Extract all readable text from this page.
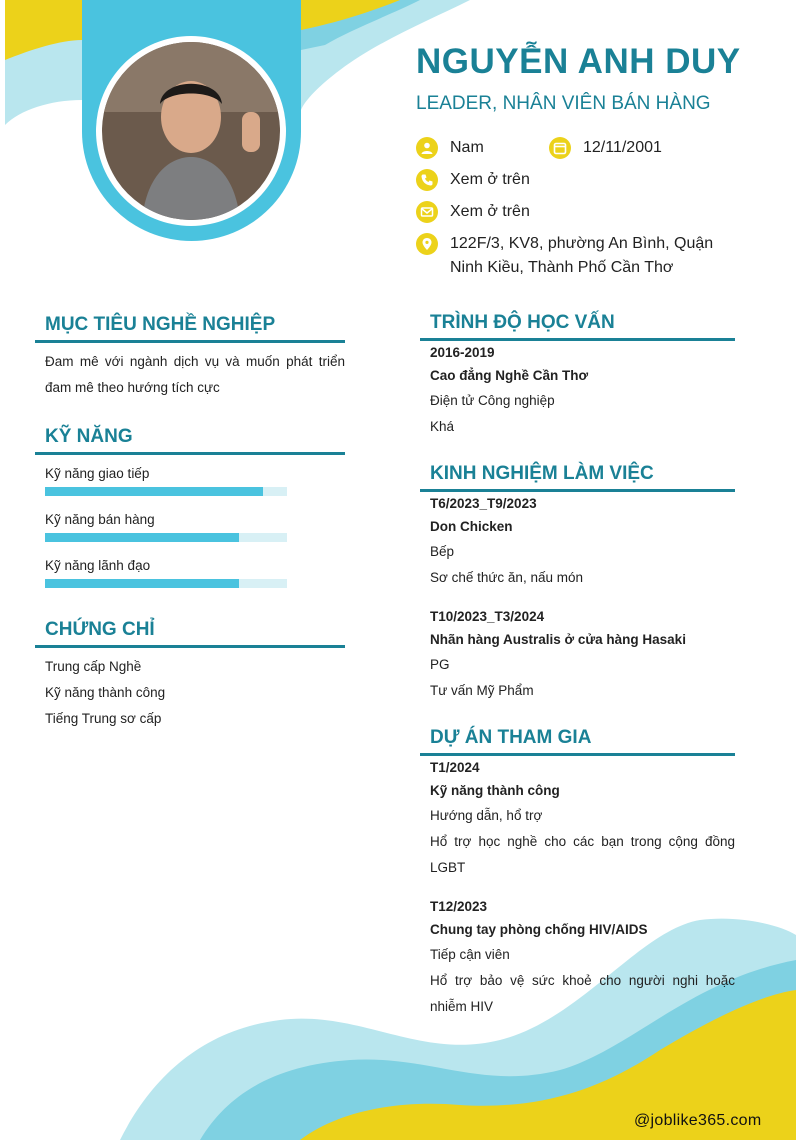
NGUYỄN ANH DUY
LEADER, NHÂN VIÊN BÁN HÀNG
Nam	12/11/2001
Xem ở trên
Xem ở trên
122F/3, KV8, phường An Bình, Quận Ninh Kiều, Thành Phố Cần Thơ
MỤC TIÊU NGHỀ NGHIỆP
Đam mê với ngành dịch vụ và muốn phát triển đam mê theo hướng tích cực
KỸ NĂNG
Kỹ năng giao tiếp
Kỹ năng bán hàng
Kỹ năng lãnh đạo
CHỨNG CHỈ
Trung cấp Nghề
Kỹ năng thành công
Tiếng Trung sơ cấp
TRÌNH ĐỘ HỌC VẤN
2016-2019
Cao đẳng Nghề Cần Thơ
Điện tử Công nghiệp
Khá
KINH NGHIỆM LÀM VIỆC
T6/2023_T9/2023
Don Chicken
Bếp
Sơ chế thức ăn, nấu món
T10/2023_T3/2024
Nhãn hàng Australis ở cửa hàng Hasaki
PG
Tư vấn Mỹ Phẩm
DỰ ÁN THAM GIA
T1/2024
Kỹ năng thành công
Hướng dẫn, hổ trợ
Hổ trợ học nghề cho các bạn trong cộng đồng LGBT
T12/2023
Chung tay phòng chống HIV/AIDS
Tiếp cận viên
Hổ trợ bảo vệ sức khoẻ cho người nghi hoặc nhiễm HIV
@joblike365.com
